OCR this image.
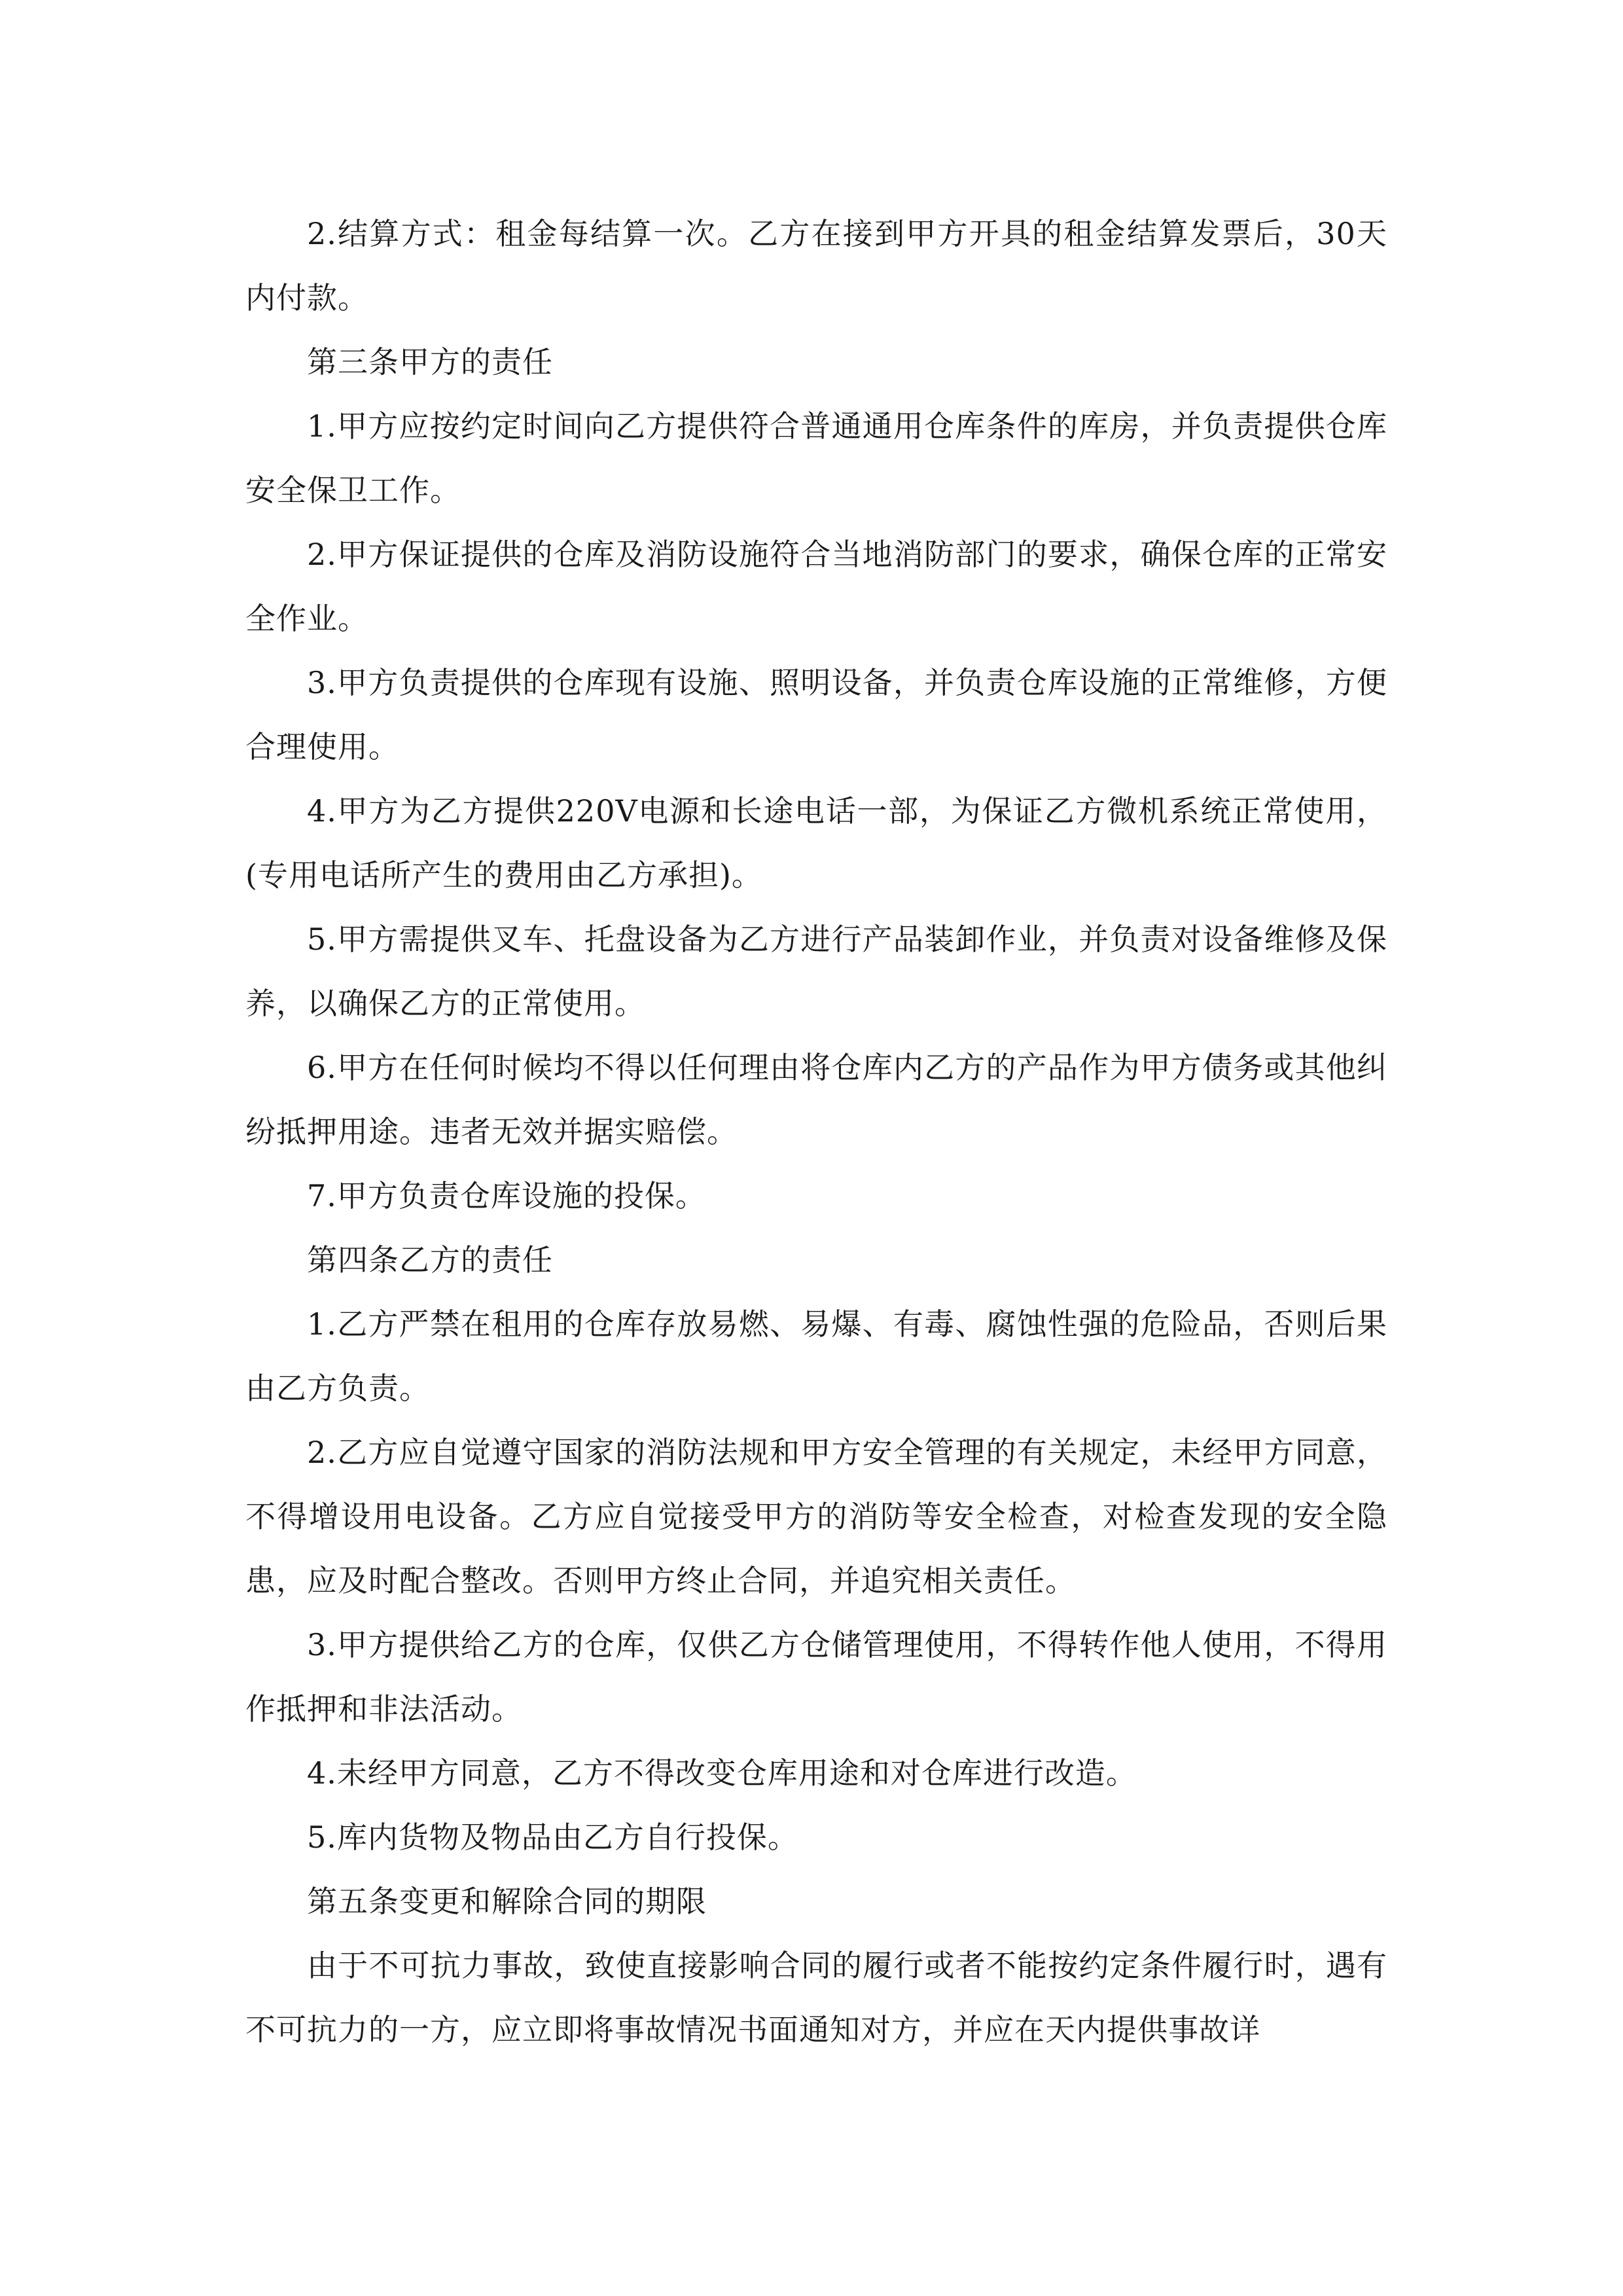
2.结算方式：租金每结算一次。乙方在接到甲方开具的租金结算发票后，30天内付款。

第三条甲方的责任

1.甲方应按约定时间向乙方提供符合普通通用仓库条件的库房，并负责提供仓库安全保卫工作。

2.甲方保证提供的仓库及消防设施符合当地消防部门的要求，确保仓库的正常安全作业。

3.甲方负责提供的仓库现有设施、照明设备，并负责仓库设施的正常维修，方便合理使用。

4.甲方为乙方提供220V电源和长途电话一部，为保证乙方微机系统正常使用，(专用电话所产生的费用由乙方承担)。

5.甲方需提供叉车、托盘设备为乙方进行产品装卸作业，并负责对设备维修及保养，以确保乙方的正常使用。

6.甲方在任何时候均不得以任何理由将仓库内乙方的产品作为甲方债务或其他纠纷抵押用途。违者无效并据实赔偿。

7.甲方负责仓库设施的投保。

第四条乙方的责任

1.乙方严禁在租用的仓库存放易燃、易爆、有毒、腐蚀性强的危险品，否则后果由乙方负责。

2.乙方应自觉遵守国家的消防法规和甲方安全管理的有关规定，未经甲方同意，不得增设用电设备。乙方应自觉接受甲方的消防等安全检查，对检查发现的安全隐患，应及时配合整改。否则甲方终止合同，并追究相关责任。

3.甲方提供给乙方的仓库，仅供乙方仓储管理使用，不得转作他人使用，不得用作抵押和非法活动。

4.未经甲方同意，乙方不得改变仓库用途和对仓库进行改造。

5.库内货物及物品由乙方自行投保。

第五条变更和解除合同的期限

由于不可抗力事故，致使直接影响合同的履行或者不能按约定条件履行时，遇有不可抗力的一方，应立即将事故情况书面通知对方，并应在天内提供事故详
